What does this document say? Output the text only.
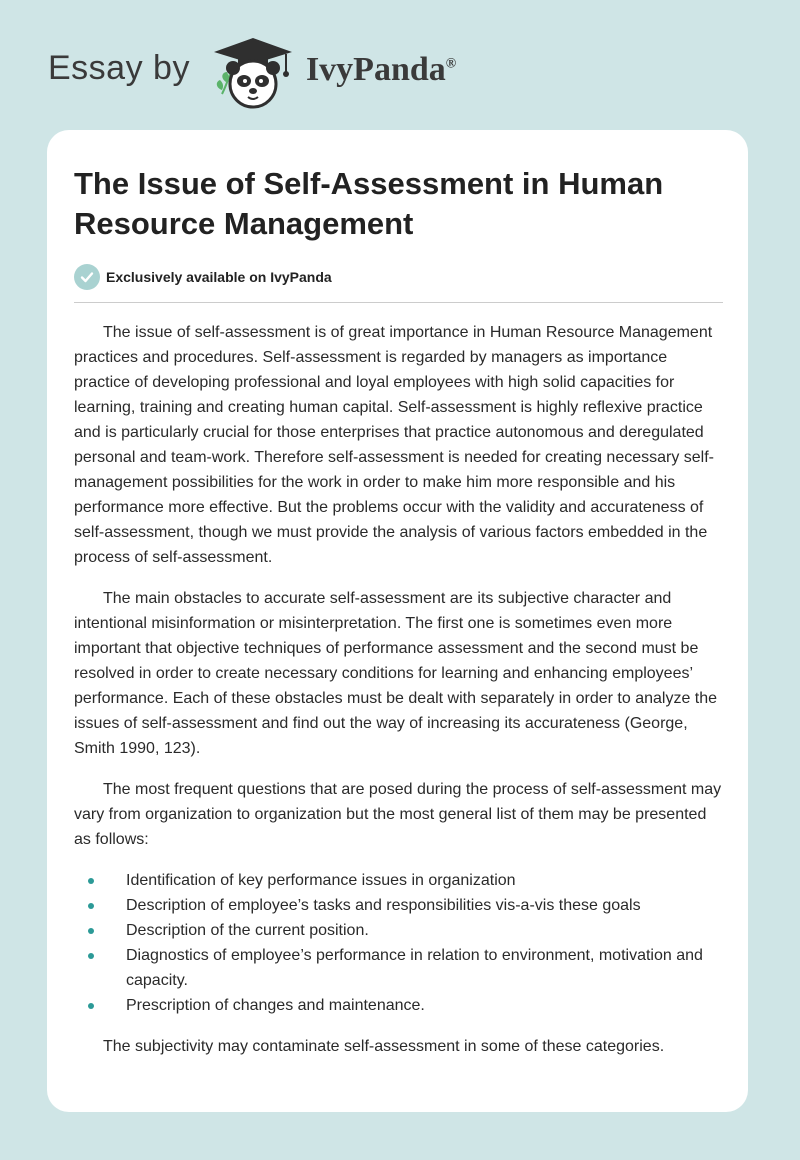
Essay by	IvyPanda®
The Issue of Self-Assessment in Human Resource Management
Exclusively available on IvyPanda

The issue of self-assessment is of great importance in Human Resource Management practices and procedures. Self-assessment is regarded by managers as importance practice of developing professional and loyal employees with high solid capacities for learning, training and creating human capital. Self-assessment is highly reflexive practice and is particularly crucial for those enterprises that practice autonomous and deregulated personal and team-work. Therefore self-assessment is needed for creating necessary self-management possibilities for the work in order to make him more responsible and his performance more effective. But the problems occur with the validity and accurateness of self-assessment, though we must provide the analysis of various factors embedded in the process of self-assessment.

The main obstacles to accurate self-assessment are its subjective character and intentional misinformation or misinterpretation. The first one is sometimes even more important that objective techniques of performance assessment and the second must be resolved in order to create necessary conditions for learning and enhancing employees’ performance. Each of these obstacles must be dealt with separately in order to analyze the issues of self-assessment and find out the way of increasing its accurateness (George, Smith 1990, 123).

The most frequent questions that are posed during the process of self-assessment may vary from organization to organization but the most general list of them may be presented as follows:

Identification of key performance issues in organization
Description of employee’s tasks and responsibilities vis-a-vis these goals
Description of the current position.
Diagnostics of employee’s performance in relation to environment, motivation and capacity.
Prescription of changes and maintenance.

The subjectivity may contaminate self-assessment in some of these categories.
